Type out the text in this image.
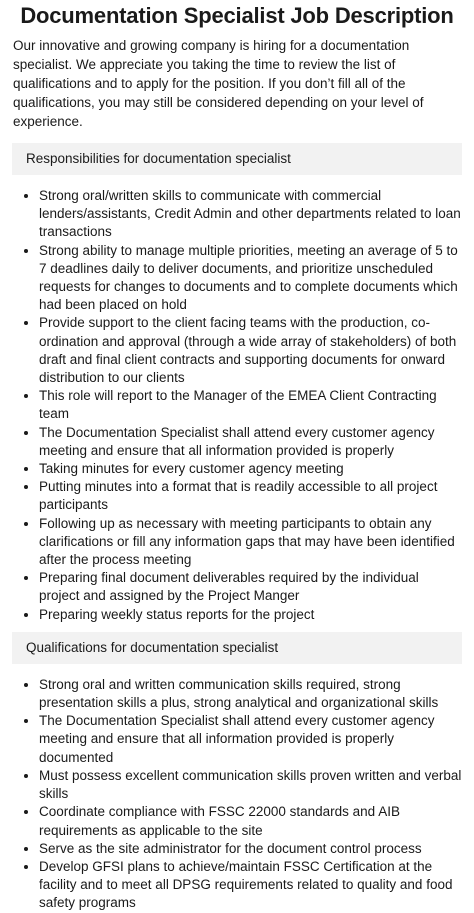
Documentation Specialist Job Description

Our innovative and growing company is hiring for a documentation specialist. We appreciate you taking the time to review the list of qualifications and to apply for the position. If you don’t fill all of the qualifications, you may still be considered depending on your level of experience.

Responsibilities for documentation specialist
• Strong oral/written skills to communicate with commercial lenders/assistants, Credit Admin and other departments related to loan transactions
• Strong ability to manage multiple priorities, meeting an average of 5 to 7 deadlines daily to deliver documents, and prioritize unscheduled requests for changes to documents and to complete documents which had been placed on hold
• Provide support to the client facing teams with the production, co-ordination and approval (through a wide array of stakeholders) of both draft and final client contracts and supporting documents for onward distribution to our clients
• This role will report to the Manager of the EMEA Client Contracting team
• The Documentation Specialist shall attend every customer agency meeting and ensure that all information provided is properly
• Taking minutes for every customer agency meeting
• Putting minutes into a format that is readily accessible to all project participants
• Following up as necessary with meeting participants to obtain any clarifications or fill any information gaps that may have been identified after the process meeting
• Preparing final document deliverables required by the individual project and assigned by the Project Manger
• Preparing weekly status reports for the project
Qualifications for documentation specialist
• Strong oral and written communication skills required, strong presentation skills a plus, strong analytical and organizational skills
• The Documentation Specialist shall attend every customer agency meeting and ensure that all information provided is properly documented
• Must possess excellent communication skills proven written and verbal skills
• Coordinate compliance with FSSC 22000 standards and AIB requirements as applicable to the site
• Serve as the site administrator for the document control process
• Develop GFSI plans to achieve/maintain FSSC Certification at the facility and to meet all DPSG requirements related to quality and food safety programs
